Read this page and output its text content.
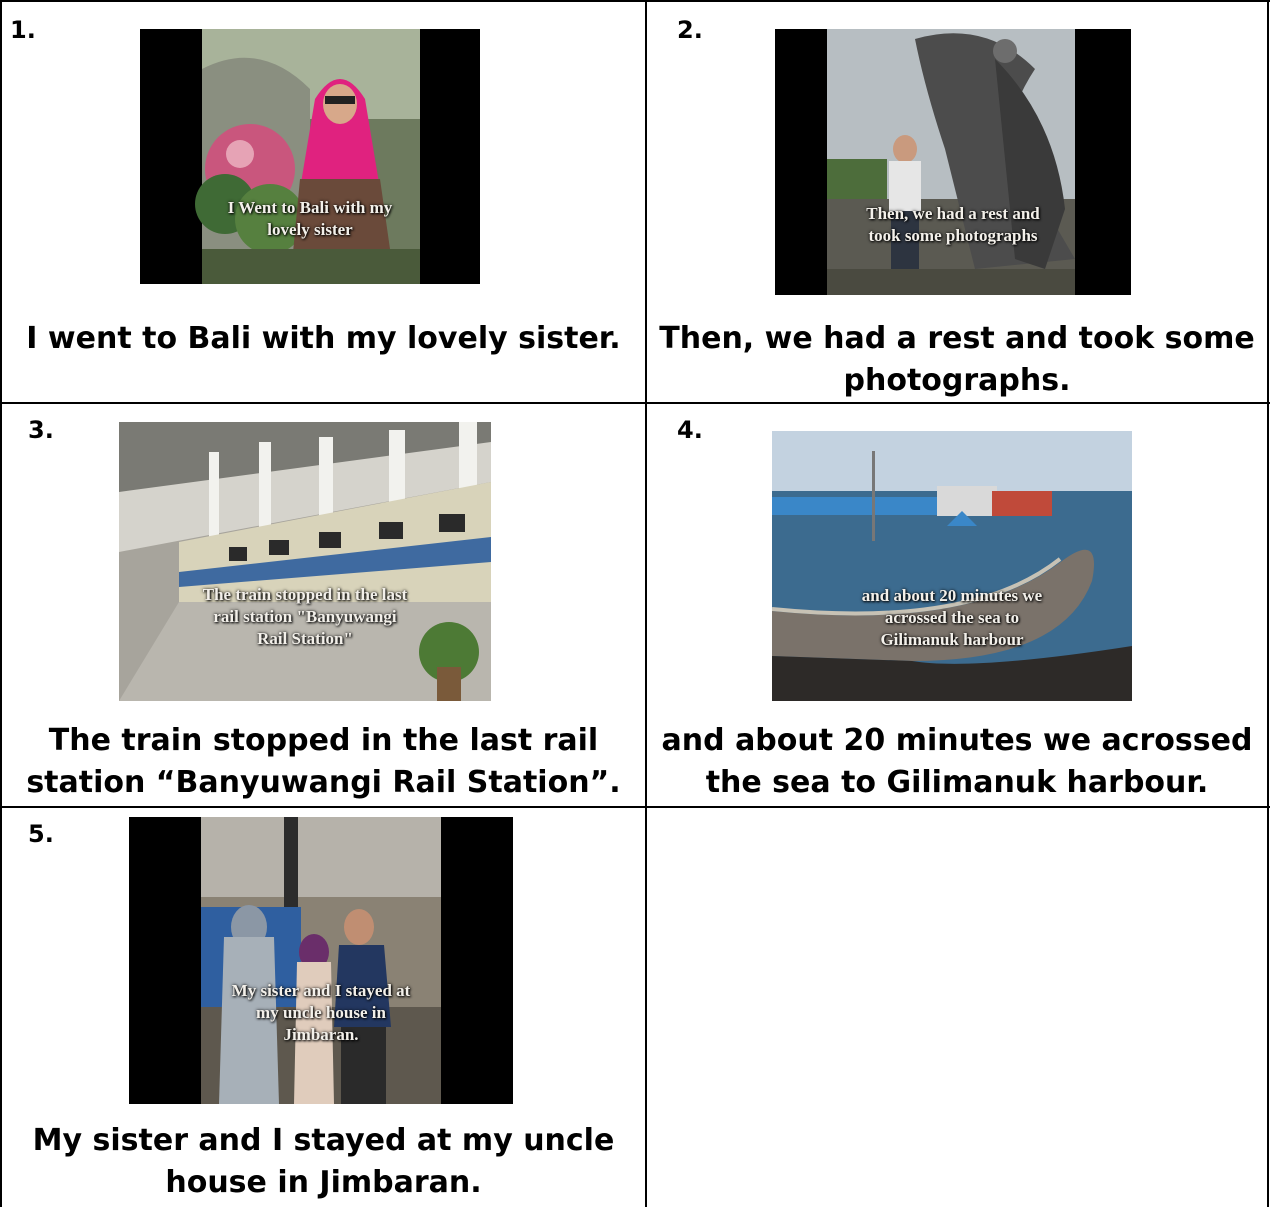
1.
I Went to Bali with my
lovely sister
I went to Bali with my lovely sister.
2.
Then, we had a rest and
took some photographs
Then, we had a rest and took some
photographs.
3.
The train stopped in the last
rail station "Banyuwangi
Rail Station"
The train stopped in the last rail
station “Banyuwangi Rail Station”.
4.
and about 20 minutes we
acrossed the sea to
Gilimanuk harbour
and about 20 minutes we acrossed
the sea to Gilimanuk harbour.
5.
My sister and I stayed at
my uncle house in
Jimbaran.
My sister and I stayed at my uncle
house in Jimbaran.
